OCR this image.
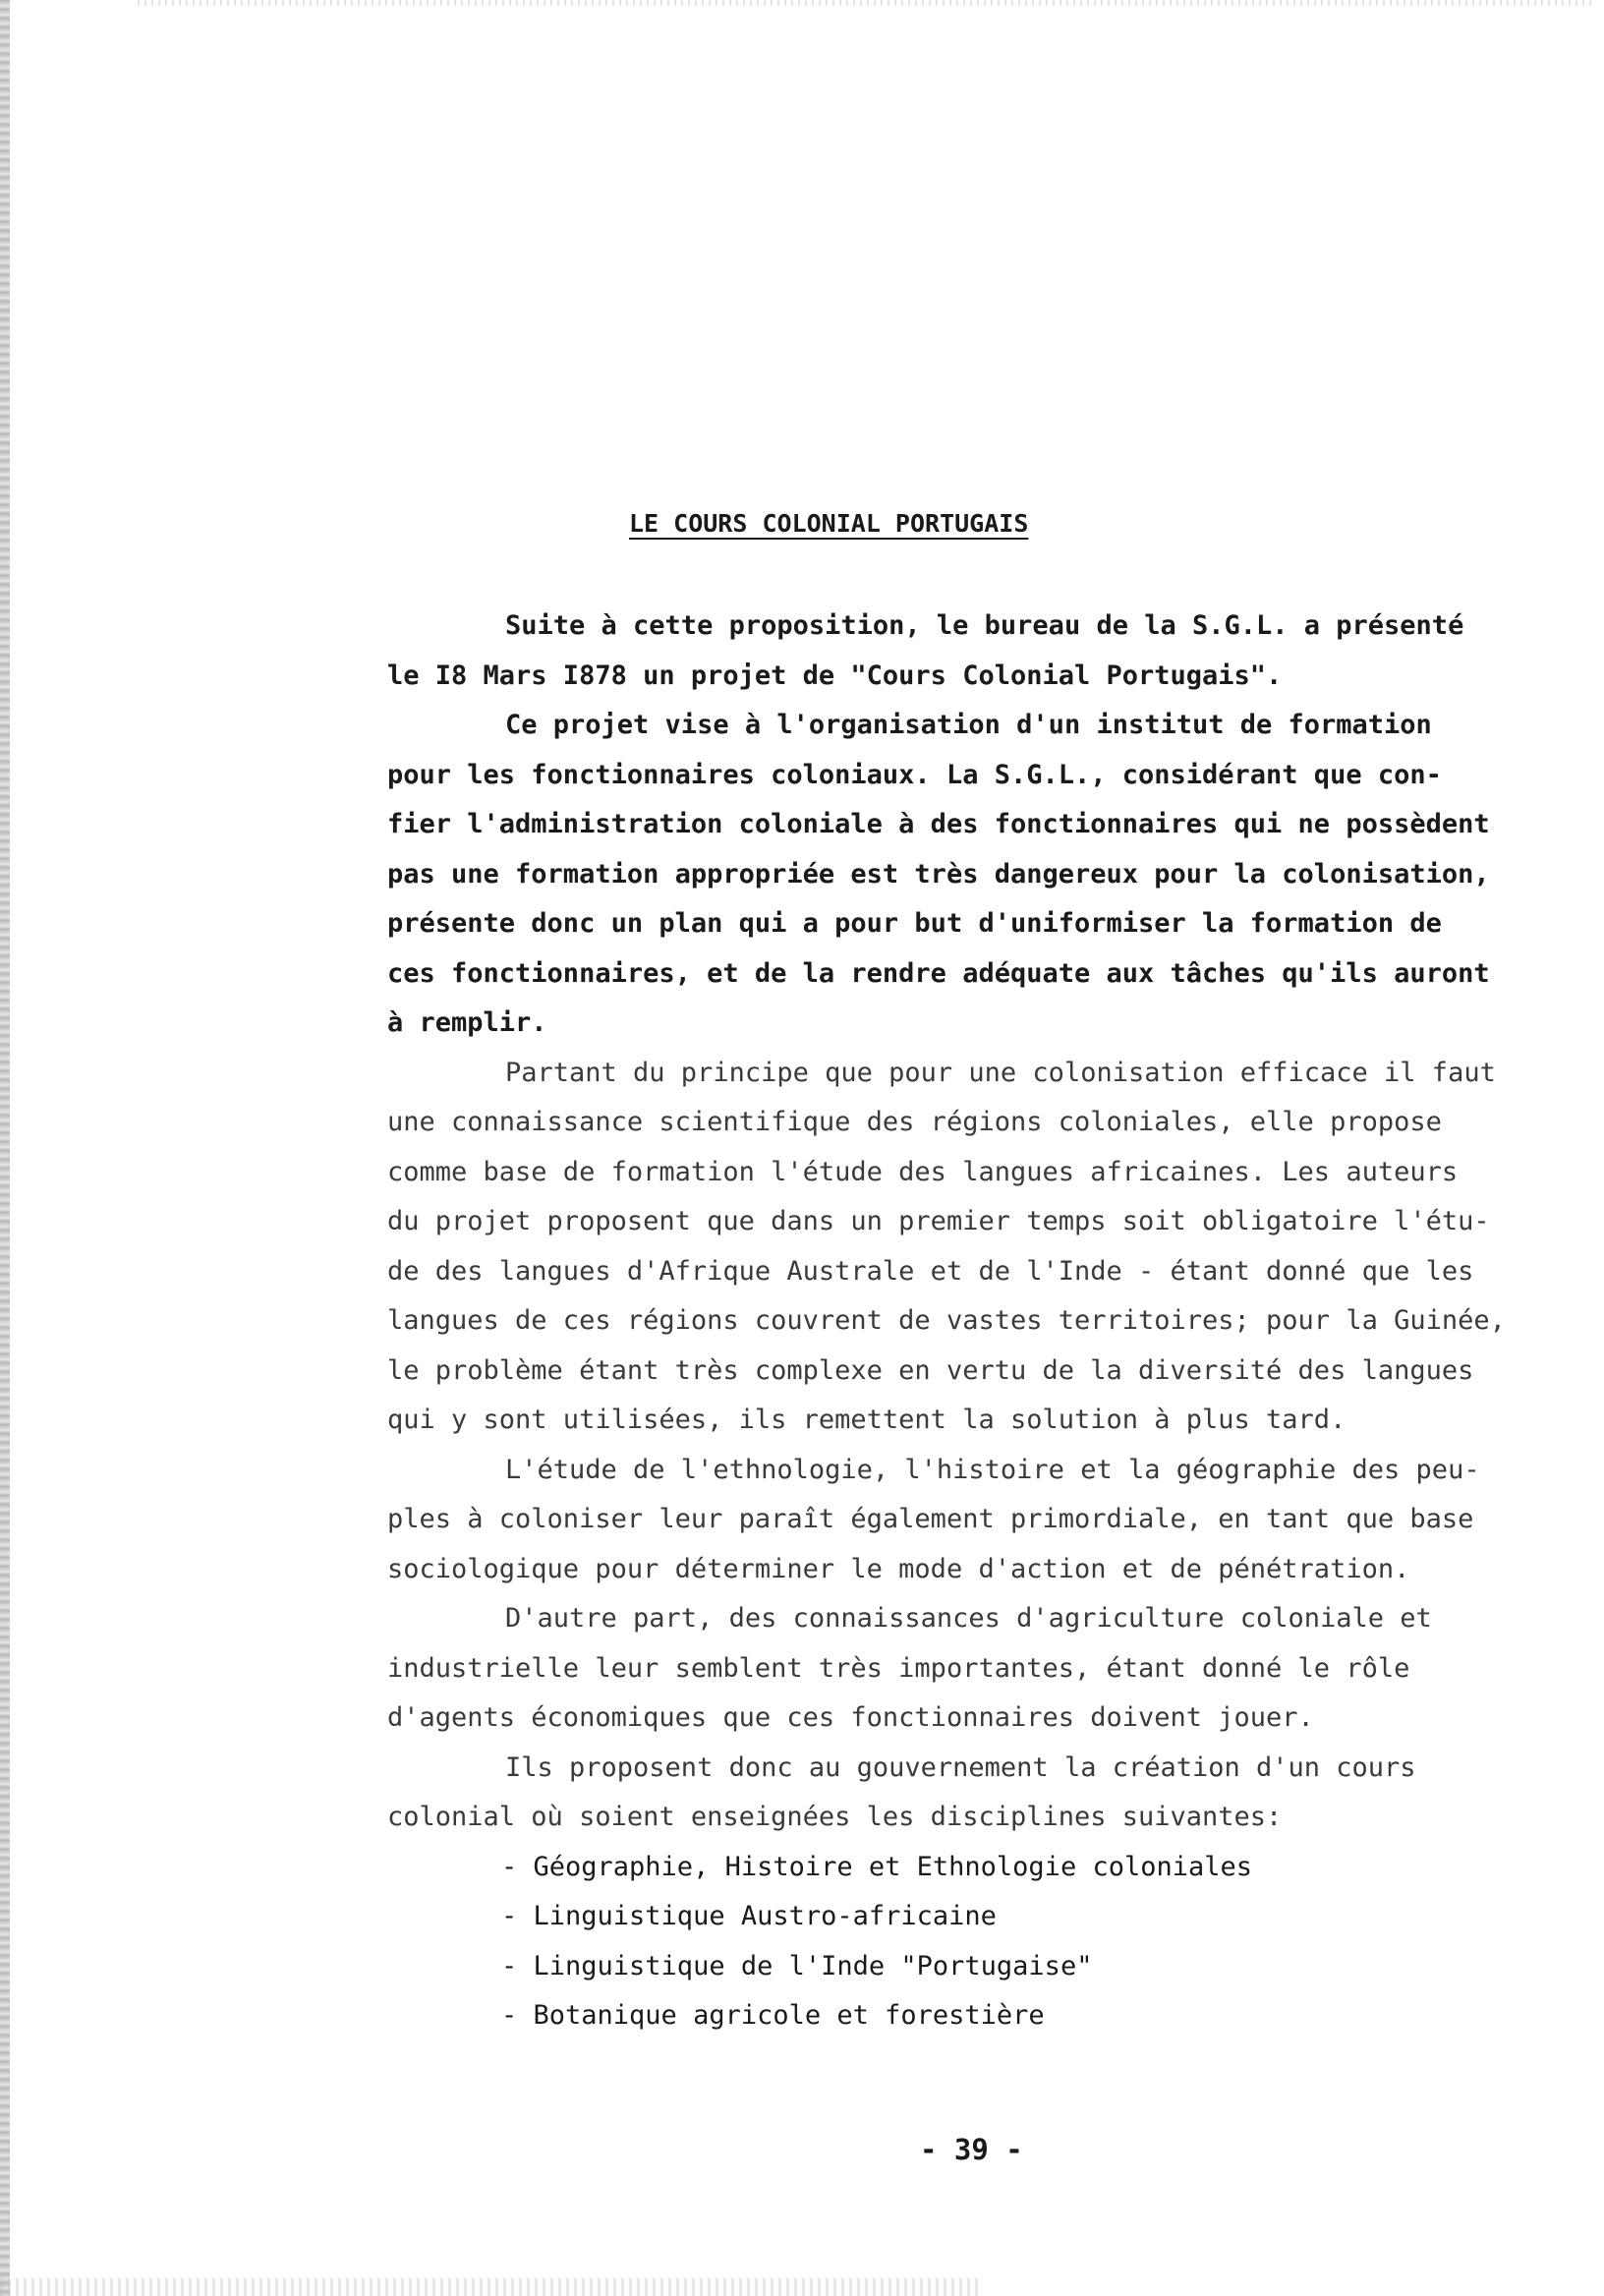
LE COURS COLONIAL PORTUGAIS
Suite à cette proposition, le bureau de la S.G.L. a présenté
le I8 Mars I878 un projet de "Cours Colonial Portugais".
Ce projet vise à l'organisation d'un institut de formation
pour les fonctionnaires coloniaux. La S.G.L., considérant que con-
fier l'administration coloniale à des fonctionnaires qui ne possèdent
pas une formation appropriée est très dangereux pour la colonisation,
présente donc un plan qui a pour but d'uniformiser la formation de
ces fonctionnaires, et de la rendre adéquate aux tâches qu'ils auront
à remplir.
Partant du principe que pour une colonisation efficace il faut
une connaissance scientifique des régions coloniales, elle propose
comme base de formation l'étude des langues africaines. Les auteurs
du projet proposent que dans un premier temps soit obligatoire l'étu-
de des langues d'Afrique Australe et de l'Inde - étant donné que les
langues de ces régions couvrent de vastes territoires; pour la Guinée,
le problème étant très complexe en vertu de la diversité des langues
qui y sont utilisées, ils remettent la solution à plus tard.
L'étude de l'ethnologie, l'histoire et la géographie des peu-
ples à coloniser leur paraît également primordiale, en tant que base
sociologique pour déterminer le mode d'action et de pénétration.
D'autre part, des connaissances d'agriculture coloniale et
industrielle leur semblent très importantes, étant donné le rôle
d'agents économiques que ces fonctionnaires doivent jouer.
Ils proposent donc au gouvernement la création d'un cours
colonial où soient enseignées les disciplines suivantes:
- Géographie, Histoire et Ethnologie coloniales
- Linguistique Austro-africaine
- Linguistique de l'Inde "Portugaise"
- Botanique agricole et forestière
- 39 -
